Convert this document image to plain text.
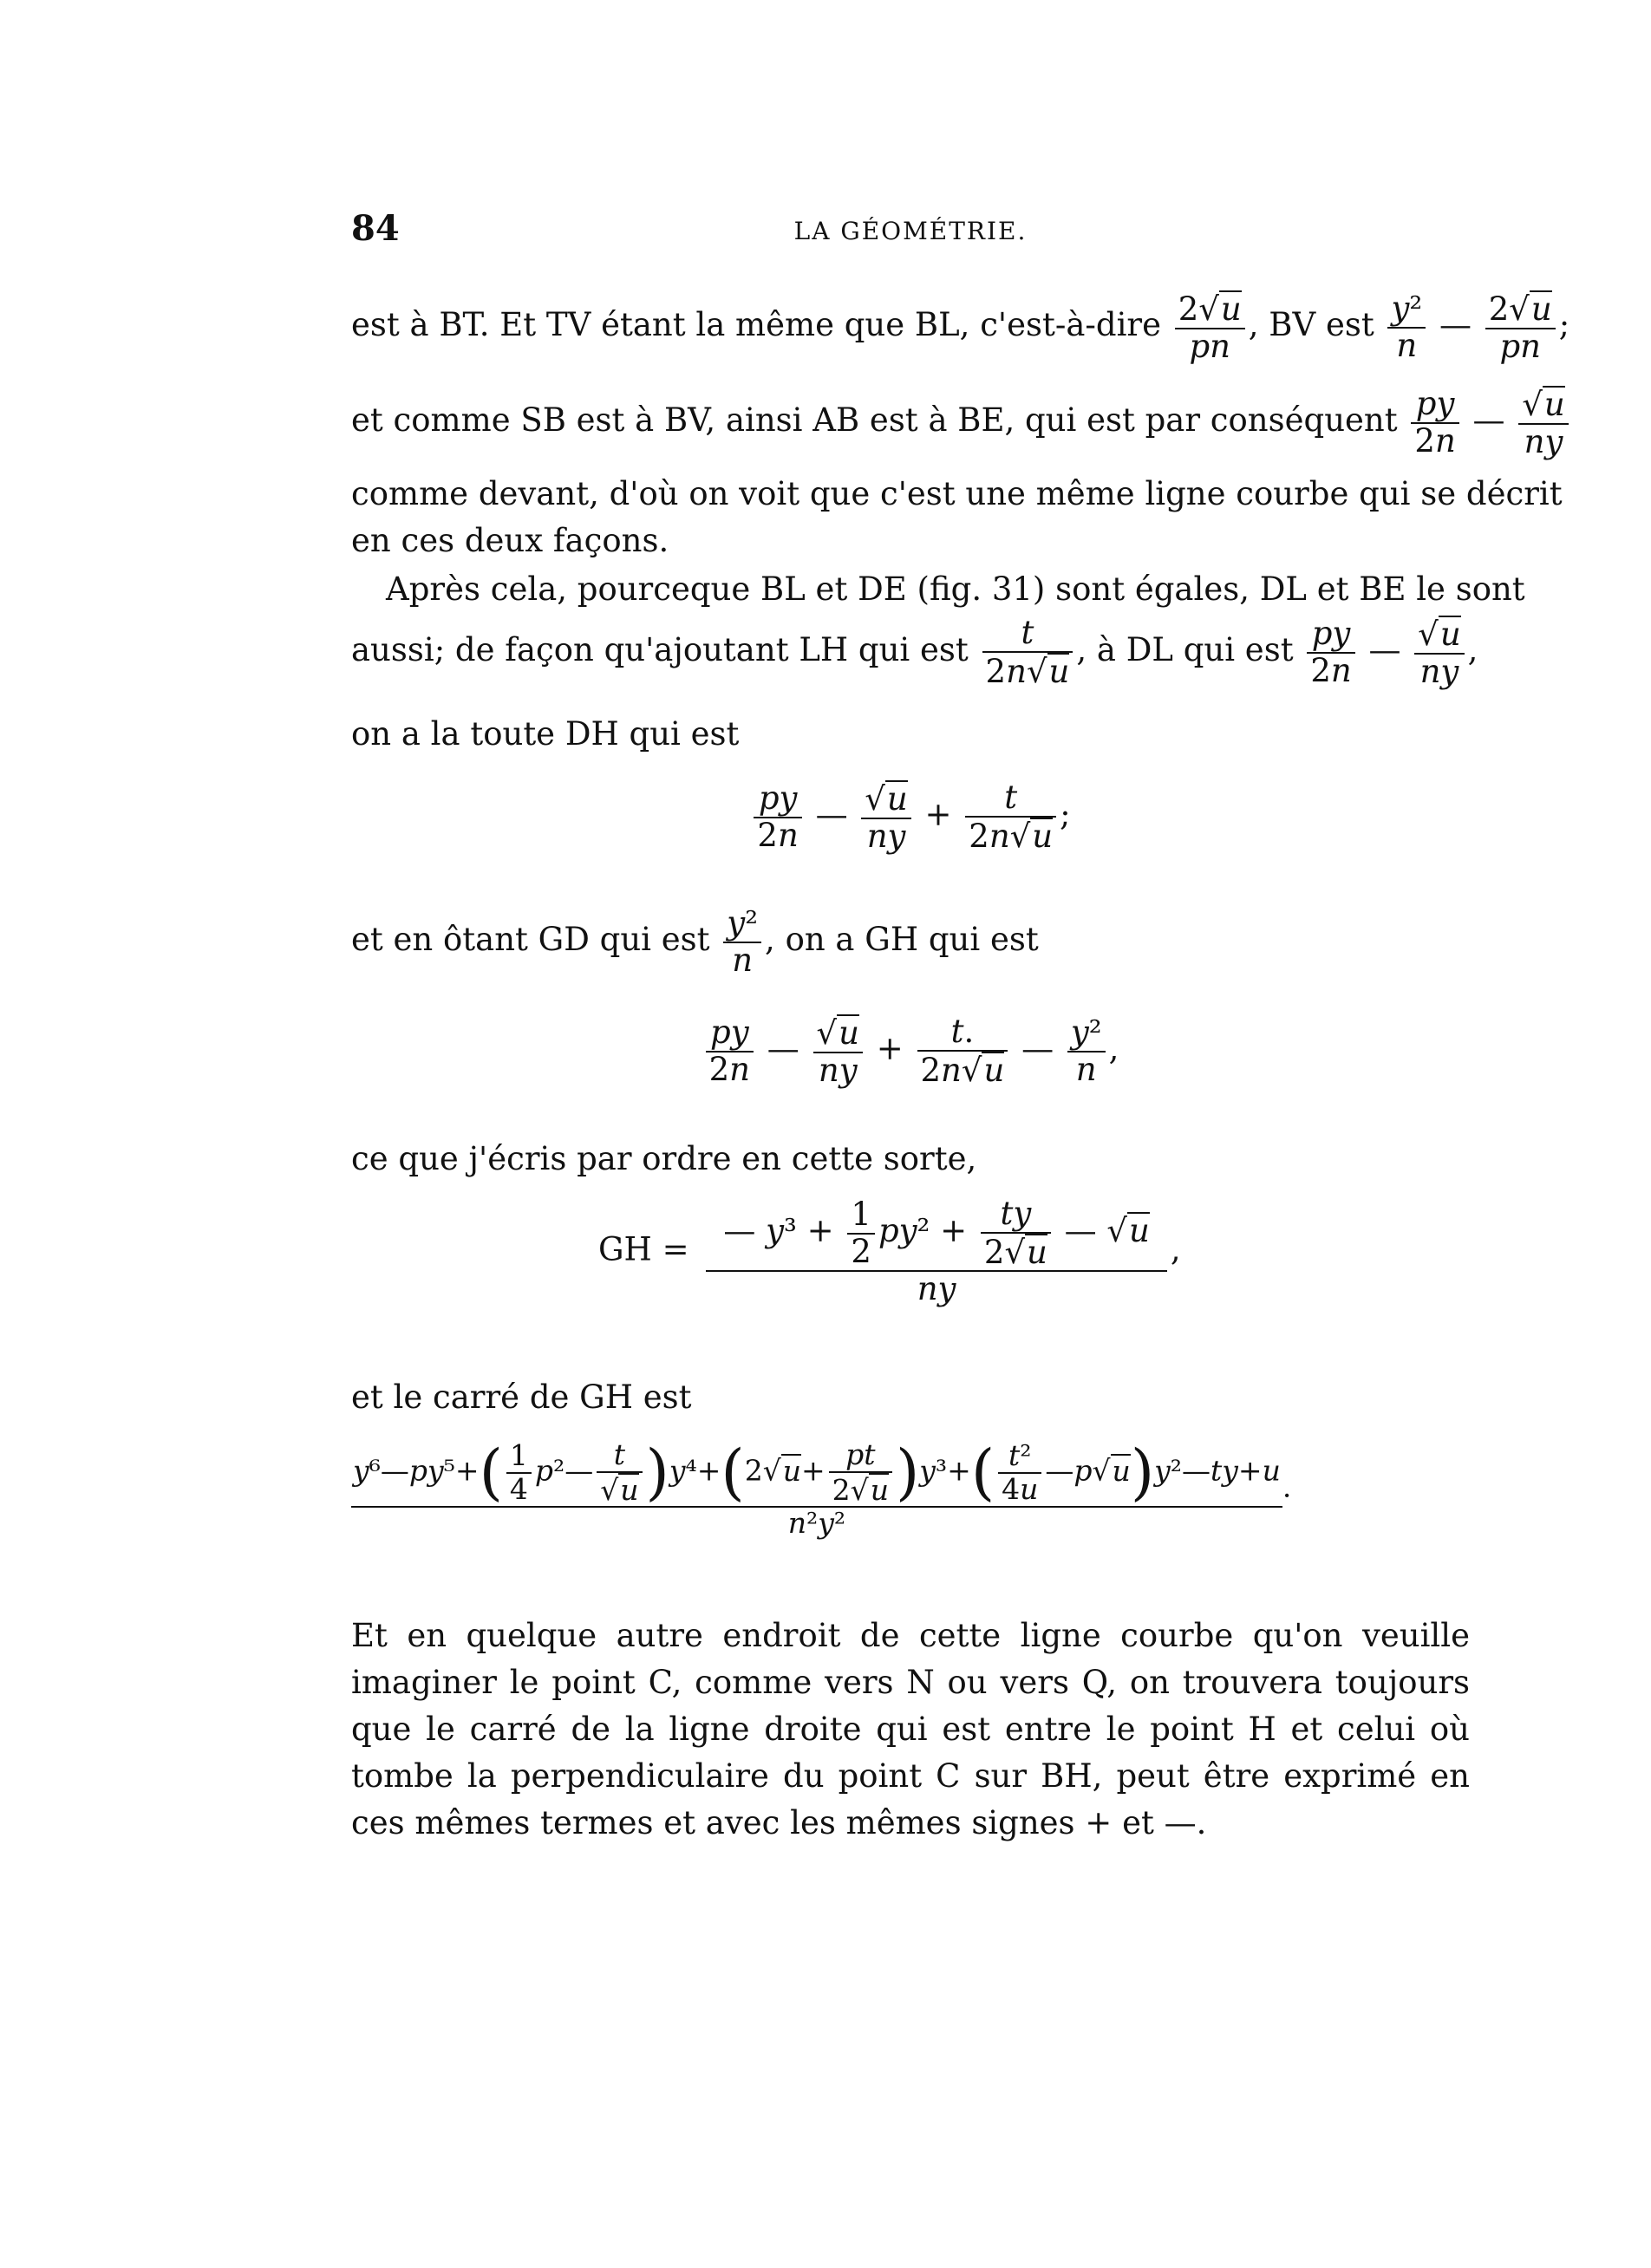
84	LA GÉOMÉTRIE.
est à BT. Et TV étant la même que BL, c'est-à-dire $\frac{2√u}{pn}$ , BV est $\frac{\text{y²}}{n}$ — $\frac{2√u}{pn}$ ;
et comme SB est à BV, ainsi AB est à BE, qui est par conséquent $\frac{py}{2n}$ — $\frac{√u}{ny}$
comme devant, d'où on voit que c'est une même ligne courbe qui se décrit
en ces deux façons.
Après cela, pourceque BL et DE (fig. 31) sont égales, DL et BE le sont
aussi; de façon qu'ajoutant LH qui est $\frac{t}{2n√u}$ , à DL qui est $\frac{py}{2n}$ — $\frac{√u}{ny}$ ,
on a la toute DH qui est
$\frac{py}{2n}$ — $\frac{√u}{ny} + \frac{t}{2n√u}$ ;
et en ôtant GD qui est $\frac{\text{y²}}{n}$ , on a GH qui est
$\frac{py}{2n}$ — $\frac{√u}{ny} + \frac{t.}{2n√u}$ — $\frac{\text{y²}}{n}$ ,
ce que j'écris par ordre en cette sorte,
GH = $\frac{— y^3 + \frac{1}{2} py^2 + \frac{ty}{2√u} — √u}{ny}$ ,
et le carré de GH est
$\frac{y^6—py^5+( \frac{1}{4} p^2— \frac{t}{√u} )y^4+(2√u+ \frac{pt}{2√u} )y^3+( \frac{\text{t²}}{4u} —p√u)y^2—ty+u}{\text{n²y²}}$ .
Et en quelque autre endroit de cette ligne courbe qu'on veuille imaginer le point C, comme vers N ou vers Q, on trouvera toujours que le carré de la ligne droite qui est entre le point H et celui où tombe la perpendiculaire du point C sur BH, peut être exprimé en ces mêmes termes et avec les mêmes signes + et —.
